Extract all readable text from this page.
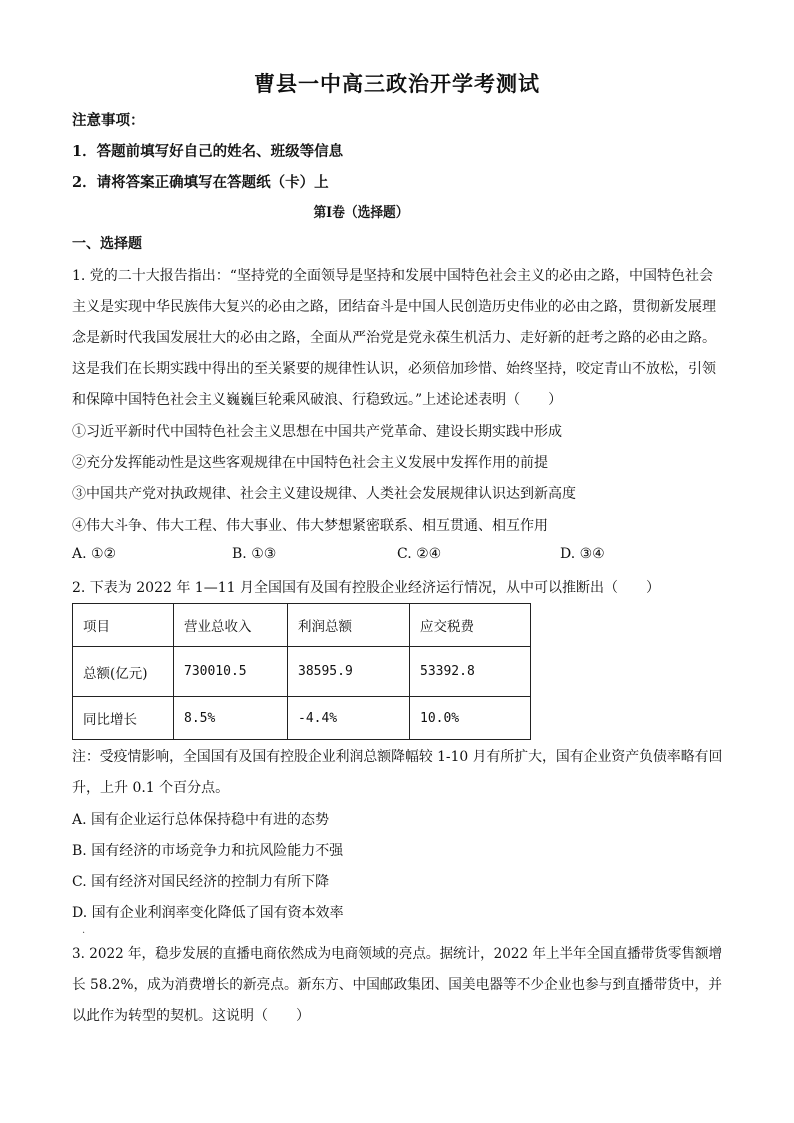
曹县一中高三政治开学考测试
注意事项：
1．答题前填写好自己的姓名、班级等信息
2．请将答案正确填写在答题纸（卡）上
第Ⅰ卷（选择题）
一、选择题
1. 党的二十大报告指出：“坚持党的全面领导是坚持和发展中国特色社会主义的必由之路，中国特色社会
主义是实现中华民族伟大复兴的必由之路，团结奋斗是中国人民创造历史伟业的必由之路，贯彻新发展理
念是新时代我国发展壮大的必由之路，全面从严治党是党永葆生机活力、走好新的赶考之路的必由之路。
这是我们在长期实践中得出的至关紧要的规律性认识，必须倍加珍惜、始终坚持，咬定青山不放松，引领
和保障中国特色社会主义巍巍巨轮乘风破浪、行稳致远。”上述论述表明（　　）
①习近平新时代中国特色社会主义思想在中国共产党革命、建设长期实践中形成
②充分发挥能动性是这些客观规律在中国特色社会主义发展中发挥作用的前提
③中国共产党对执政规律、社会主义建设规律、人类社会发展规律认识达到新高度
④伟大斗争、伟大工程、伟大事业、伟大梦想紧密联系、相互贯通、相互作用
A. ①②	B. ①③	C. ②④	D. ③④
2. 下表为 2022 年 1—11 月全国国有及国有控股企业经济运行情况，从中可以推断出（　　）
项目	营业总收入	利润总额	应交税费
总额(亿元)	730010.5	38595.9	53392.8
同比增长	8.5%	-4.4%	10.0%
注：受疫情影响，全国国有及国有控股企业利润总额降幅较 1-10 月有所扩大，国有企业资产负债率略有回
升，上升 0.1 个百分点。
A. 国有企业运行总体保持稳中有进的态势
B. 国有经济的市场竞争力和抗风险能力不强
C. 国有经济对国民经济的控制力有所下降
D. 国有企业利润率变化降低了国有资本效率
·
3. 2022 年，稳步发展的直播电商依然成为电商领域的亮点。据统计，2022 年上半年全国直播带货零售额增
长 58.2%，成为消费增长的新亮点。新东方、中国邮政集团、国美电器等不少企业也参与到直播带货中，并
以此作为转型的契机。这说明（　　）
